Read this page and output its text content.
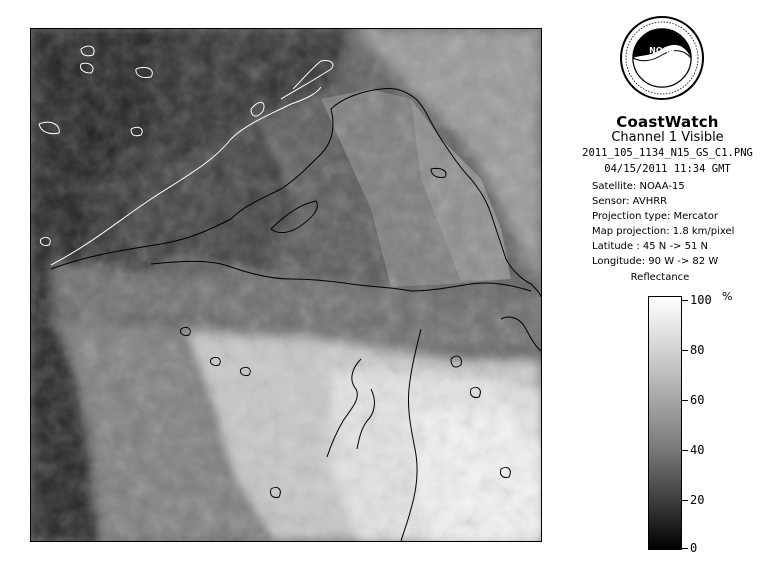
NOAA
CoastWatch
Channel 1 Visible
2011_105_1134_N15_GS_C1.PNG
04/15/2011 11:34 GMT
Satellite: NOAA-15
Sensor: AVHRR
Projection type: Mercator
Map projection: 1.8 km/pixel
Latitude : 45 N -> 51 N
Longitude: 90 W -> 82 W
Reflectance
%
100
80
60
40
20
0
